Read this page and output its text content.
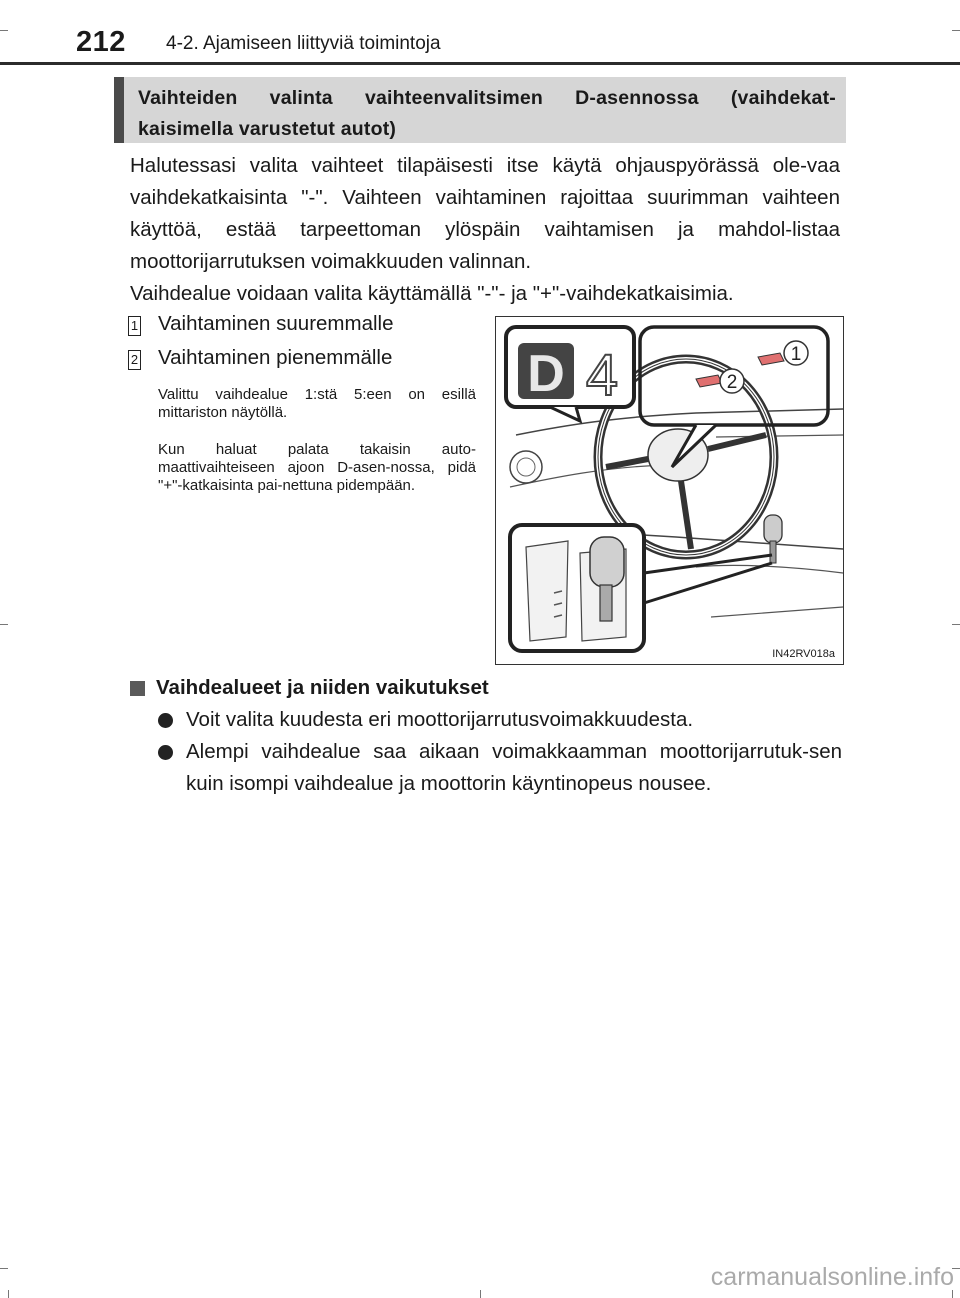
212 4-2. Ajamiseen liittyviä toimintoja

Vaihteiden valinta vaihteenvalitsimen D-asennossa (vaihdekat-

kaisimella varustetut autot)

Halutessasi valita vaihteet tilapäisesti itse käytä ohjauspyörässä ole-vaa vaihdekatkaisinta "-". Vaihteen vaihtaminen rajoittaa suurimman vaihteen käyttöä, estää tarpeettoman ylöspäin vaihtamisen ja mahdol-listaa moottorijarrutuksen voimakkuuden valinnan.

Vaihdealue voidaan valita käyttämällä "-"- ja "+"-vaihdekatkaisimia.

1 Vaihtaminen suuremmalle
2 Vaihtaminen pienemmälle

Valittu vaihdealue 1:stä 5:een on esillä mittariston näytöllä.

Kun haluat palata takaisin auto-maattivaihteiseen ajoon D-asen-nossa, pidä "+"-katkaisinta pai-nettuna pidempään.

1
2
D 4
IN42RV018a
Vaihdealueet ja niiden vaikutukset
Voit valita kuudesta eri moottorijarrutusvoimakkuudesta.
Alempi vaihdealue saa aikaan voimakkaamman moottorijarrutuk-sen kuin isompi vaihdealue ja moottorin käyntinopeus nousee.
carmanualsonline.info
